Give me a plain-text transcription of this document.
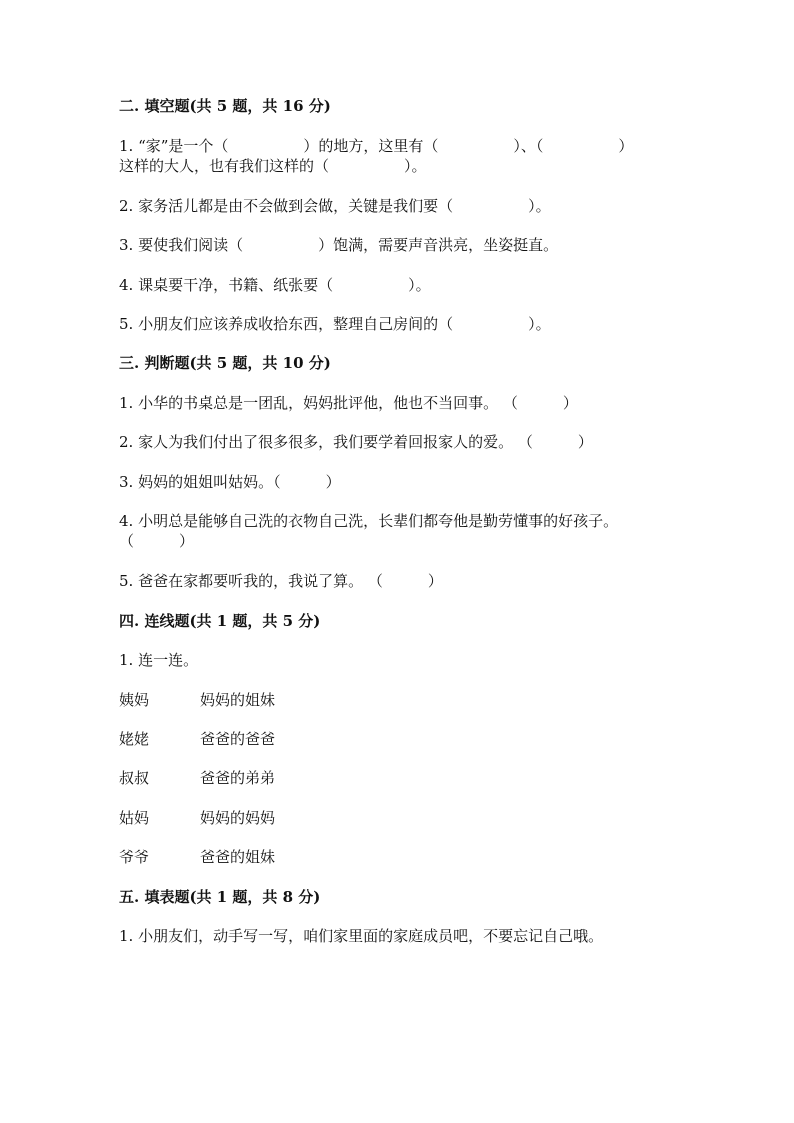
二. 填空题(共 5 题，共 16 分)
1. “家”是一个（　　　　　）的地方，这里有（　　　　　）、（　　　　　）
这样的大人，也有我们这样的（　　　　　）。
2. 家务活儿都是由不会做到会做，关键是我们要（　　　　　）。
3. 要使我们阅读（　　　　　）饱满，需要声音洪亮，坐姿挺直。
4. 课桌要干净，书籍、纸张要（　　　　　）。
5. 小朋友们应该养成收拾东西，整理自己房间的（　　　　　）。
三. 判断题(共 5 题，共 10 分)
1. 小华的书桌总是一团乱，妈妈批评他，他也不当回事。 （　　　）
2. 家人为我们付出了很多很多，我们要学着回报家人的爱。 （　　　）
3. 妈妈的姐姐叫姑妈。（　　　）
4. 小明总是能够自己洗的衣物自己洗，长辈们都夸他是勤劳懂事的好孩子。
（　　　）
5. 爸爸在家都要听我的，我说了算。 （　　　）
四. 连线题(共 1 题，共 5 分)
1. 连一连。
姨妈	妈妈的姐妹
姥姥	爸爸的爸爸
叔叔	爸爸的弟弟
姑妈	妈妈的妈妈
爷爷	爸爸的姐妹
五. 填表题(共 1 题，共 8 分)
1. 小朋友们，动手写一写，咱们家里面的家庭成员吧，不要忘记自己哦。
